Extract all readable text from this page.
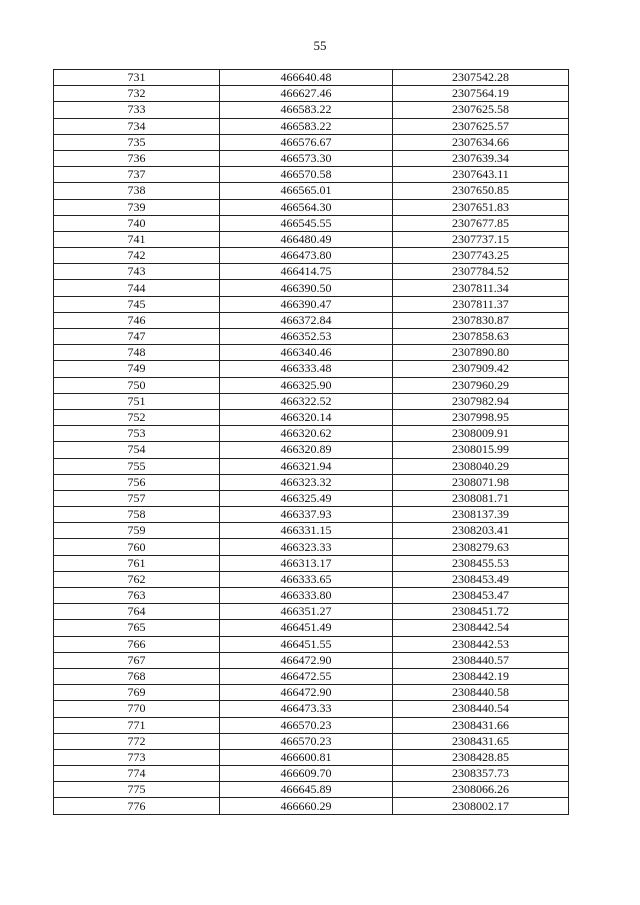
55
731	466640.48	2307542.28
732	466627.46	2307564.19
733	466583.22	2307625.58
734	466583.22	2307625.57
735	466576.67	2307634.66
736	466573.30	2307639.34
737	466570.58	2307643.11
738	466565.01	2307650.85
739	466564.30	2307651.83
740	466545.55	2307677.85
741	466480.49	2307737.15
742	466473.80	2307743.25
743	466414.75	2307784.52
744	466390.50	2307811.34
745	466390.47	2307811.37
746	466372.84	2307830.87
747	466352.53	2307858.63
748	466340.46	2307890.80
749	466333.48	2307909.42
750	466325.90	2307960.29
751	466322.52	2307982.94
752	466320.14	2307998.95
753	466320.62	2308009.91
754	466320.89	2308015.99
755	466321.94	2308040.29
756	466323.32	2308071.98
757	466325.49	2308081.71
758	466337.93	2308137.39
759	466331.15	2308203.41
760	466323.33	2308279.63
761	466313.17	2308455.53
762	466333.65	2308453.49
763	466333.80	2308453.47
764	466351.27	2308451.72
765	466451.49	2308442.54
766	466451.55	2308442.53
767	466472.90	2308440.57
768	466472.55	2308442.19
769	466472.90	2308440.58
770	466473.33	2308440.54
771	466570.23	2308431.66
772	466570.23	2308431.65
773	466600.81	2308428.85
774	466609.70	2308357.73
775	466645.89	2308066.26
776	466660.29	2308002.17
